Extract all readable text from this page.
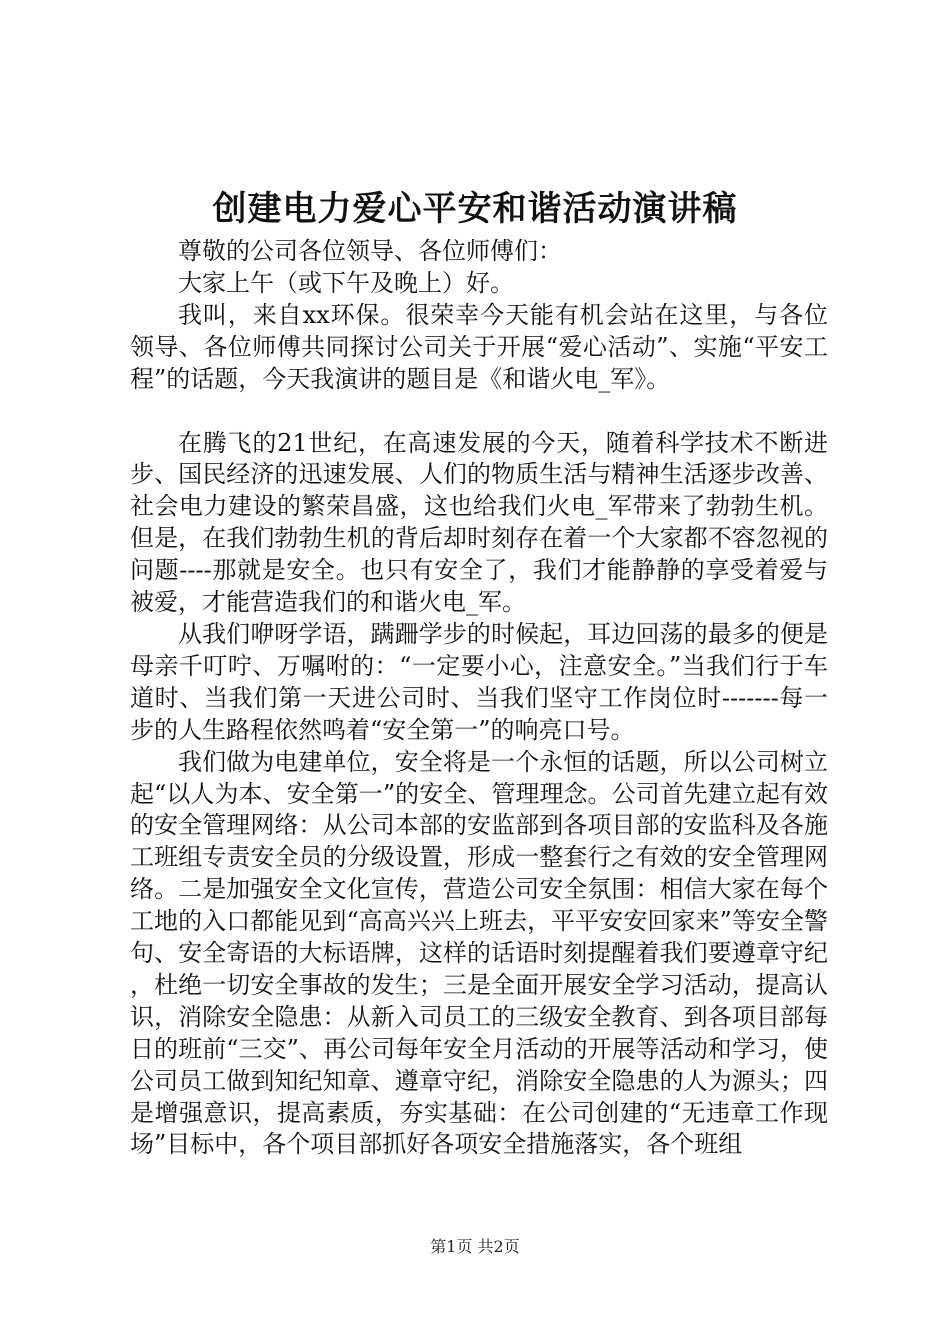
创建电力爱心平安和谐活动演讲稿

尊敬的公司各位领导、各位师傅们：

大家上午（或下午及晚上）好。

我叫，来自xx环保。很荣幸今天能有机会站在这里，与各位领导、各位师傅共同探讨公司关于开展“爱心活动”、实施“平安工程”的话题，今天我演讲的题目是《和谐火电_军》。

在腾飞的21世纪，在高速发展的今天，随着科学技术不断进步、国民经济的迅速发展、人们的物质生活与精神生活逐步改善、社会电力建设的繁荣昌盛，这也给我们火电_军带来了勃勃生机。但是，在我们勃勃生机的背后却时刻存在着一个大家都不容忽视的问题----那就是安全。也只有安全了，我们才能静静的享受着爱与被爱，才能营造我们的和谐火电_军。

从我们咿呀学语，蹒跚学步的时候起，耳边回荡的最多的便是母亲千叮咛、万嘱咐的：“一定要小心，注意安全。”当我们行于车道时、当我们第一天进公司时、当我们坚守工作岗位时-------每一步的人生路程依然鸣着“安全第一”的响亮口号。

我们做为电建单位，安全将是一个永恒的话题，所以公司树立起“以人为本、安全第一”的安全、管理理念。公司首先建立起有效的安全管理网络：从公司本部的安监部到各项目部的安监科及各施工班组专责安全员的分级设置，形成一整套行之有效的安全管理网络。二是加强安全文化宣传，营造公司安全氛围：相信大家在每个工地的入口都能见到“高高兴兴上班去，平平安安回家来”等安全警句、安全寄语的大标语牌，这样的话语时刻提醒着我们要遵章守纪，杜绝一切安全事故的发生；三是全面开展安全学习活动，提高认识，消除安全隐患：从新入司员工的三级安全教育、到各项目部每日的班前“三交”、再公司每年安全月活动的开展等活动和学习，使公司员工做到知纪知章、遵章守纪，消除安全隐患的人为源头；四是增强意识，提高素质，夯实基础：在公司创建的“无违章工作现场”目标中，各个项目部抓好各项安全措施落实，各个班组

第1页 共2页
